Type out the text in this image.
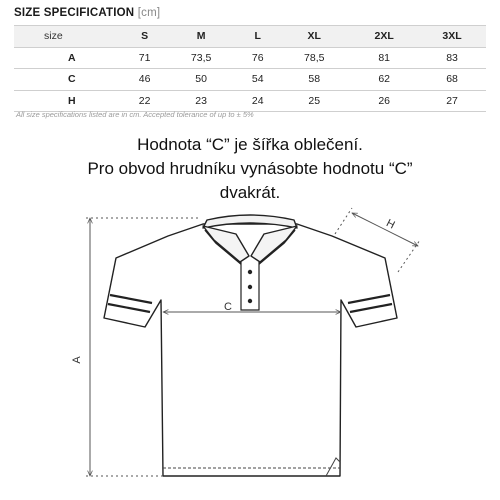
SIZE SPECIFICATION [cm]
size	S	M	L	XL	2XL	3XL
A	71	73,5	76	78,5	81	83
C	46	50	54	58	62	68
H	22	23	24	25	26	27
All size specifications listed are in cm. Accepted tolerance of up to ± 5%
Hodnota “C” je šířka oblečení.
Pro obvod hrudníku vynásobte hodnotu “C”
dvakrát.
A
C
H
